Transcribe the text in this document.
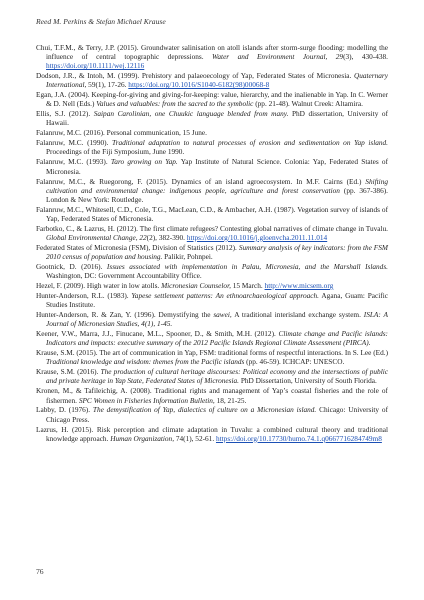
Reed M. Perkins & Stefan Michael Krause

Chui, T.F.M., & Terry, J.P. (2015). Groundwater salinisation on atoll islands after storm-surge flooding: modelling the influence of central topographic depressions. Water and Environment Journal, 29(3), 430-438. https://doi.org/10.1111/wej.12116

Dodson, J.R., & Intoh, M. (1999). Prehistory and palaeoecology of Yap, Federated States of Micronesia. Quaternary International, 59(1), 17-26. https://doi.org/10.1016/S1040-6182(98)00068-8

Egan, J.A. (2004). Keeping-for-giving and giving-for-keeping: value, hierarchy, and the inalienable in Yap. In C. Werner & D. Nell (Eds.) Values and valuables: from the sacred to the symbolic (pp. 21-48). Walnut Creek: Altamira.

Ellis, S.J. (2012). Saipan Carolinian, one Chuukic language blended from many. PhD dissertation, University of Hawaii.

Falanruw, M.C. (2016). Personal communication, 15 June.

Falanruw, M.C. (1990). Traditional adaptation to natural processes of erosion and sedimentation on Yap island. Proceedings of the Fiji Symposium, June 1990.

Falanruw, M.C. (1993). Taro growing on Yap. Yap Institute of Natural Science. Colonia: Yap, Federated States of Micronesia.

Falanruw, M.C., & Ruegorong, F. (2015). Dynamics of an island agroecosystem. In M.F. Cairns (Ed.) Shifting cultivation and environmental change: indigenous people, agriculture and forest conservation (pp. 367-386). London & New York: Routledge.

Falanruw, M.C., Whitesell, C.D., Cole, T.G., MacLean, C.D., & Ambacher, A.H. (1987). Vegetation survey of islands of Yap, Federated States of Micronesia.

Farbotko, C., & Lazrus, H. (2012). The first climate refugees? Contesting global narratives of climate change in Tuvalu. Global Environmental Change, 22(2), 382-390. https://doi.org/10.1016/j.gloenvcha.2011.11.014

Federated States of Micronesia (FSM), Division of Statistics (2012). Summary analysis of key indicators: from the FSM 2010 census of population and housing. Palikir, Pohnpei.

Gootnick, D. (2016). Issues associated with implementation in Palau, Micronesia, and the Marshall Islands. Washington, DC: Government Accountability Office.

Hezel, F. (2009). High water in low atolls. Micronesian Counselor, 15 March. http://www.micsem.org

Hunter-Anderson, R.L. (1983). Yapese settlement patterns: An ethnoarchaeological approach. Agana, Guam: Pacific Studies Institute.

Hunter-Anderson, R. & Zan, Y. (1996). Demystifying the sawei, A traditional interisland exchange system. ISLA: A Journal of Micronesian Studies, 4(1), 1-45.

Keener, V.W., Marra, J.J., Finucane, M.L., Spooner, D., & Smith, M.H. (2012). Climate change and Pacific islands: Indicators and impacts: executive summary of the 2012 Pacific Islands Regional Climate Assessment (PIRCA).

Krause, S.M. (2015). The art of communication in Yap, FSM: traditional forms of respectful interactions. In S. Lee (Ed.) Traditional knowledge and wisdom: themes from the Pacific islands (pp. 46-59). ICHCAP: UNESCO.

Krause, S.M. (2016). The production of cultural heritage discourses: Political economy and the intersections of public and private heritage in Yap State, Federated States of Micronesia. PhD Dissertation, University of South Florida.

Kronen, M., & Tafileichig, A. (2008). Traditional rights and management of Yap’s coastal fisheries and the role of fishermen. SPC Women in Fisheries Information Bulletin, 18, 21-25.

Labby, D. (1976). The demystification of Yap, dialectics of culture on a Micronesian island. Chicago: University of Chicago Press.

Lazrus, H. (2015). Risk perception and climate adaptation in Tuvalu: a combined cultural theory and traditional knowledge approach. Human Organization, 74(1), 52-61. https://doi.org/10.17730/humo.74.1.q0667716284749m8

76
